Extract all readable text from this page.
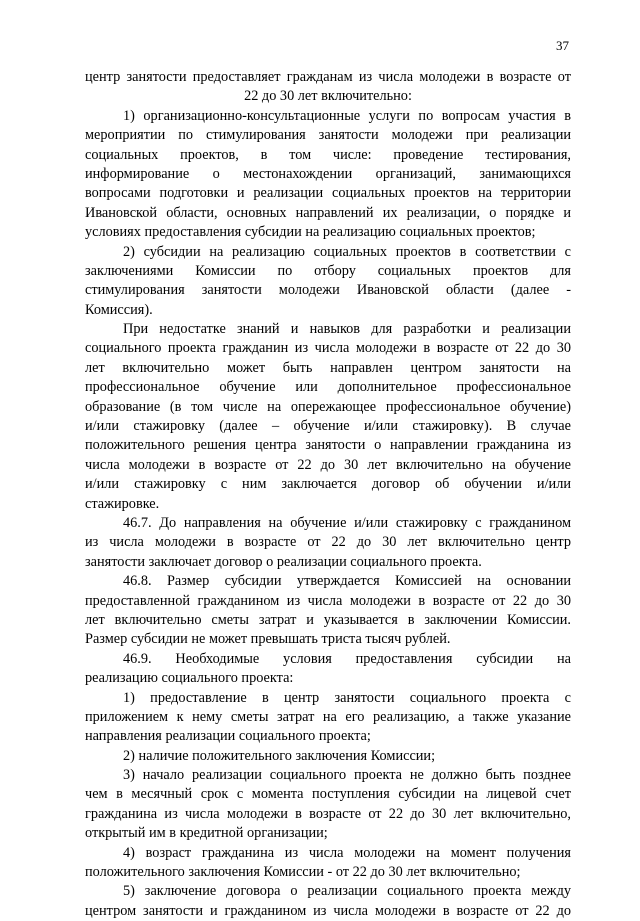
37
центр занятости предоставляет гражданам из числа молодежи в возрасте от
22 до 30 лет включительно:
1) организационно-консультационные услуги по вопросам участия в
мероприятии по стимулирования занятости молодежи при реализации
социальных проектов, в том числе: проведение тестирования,
информирование о местонахождении организаций, занимающихся
вопросами подготовки и реализации социальных проектов на территории
Ивановской области, основных направлений их реализации, о порядке и
условиях предоставления субсидии на реализацию социальных проектов;
2) субсидии на реализацию социальных проектов в соответствии с
заключениями Комиссии по отбору социальных проектов для
стимулирования занятости молодежи Ивановской области (далее -
Комиссия).
При недостатке знаний и навыков для разработки и реализации
социального проекта гражданин из числа молодежи в возрасте от 22 до 30
лет включительно может быть направлен центром занятости на
профессиональное обучение или дополнительное профессиональное
образование (в том числе на опережающее профессиональное обучение)
и/или стажировку (далее – обучение и/или стажировку). В случае
положительного решения центра занятости о направлении гражданина из
числа молодежи в возрасте от 22 до 30 лет включительно на обучение
и/или стажировку с ним заключается договор об обучении и/или
стажировке.
46.7. До направления на обучение и/или стажировку с гражданином
из числа молодежи в возрасте от 22 до 30 лет включительно центр
занятости заключает договор о реализации социального проекта.
46.8. Размер субсидии утверждается Комиссией на основании
предоставленной гражданином из числа молодежи в возрасте от 22 до 30
лет включительно сметы затрат и указывается в заключении Комиссии.
Размер субсидии не может превышать триста тысяч рублей.
46.9. Необходимые условия предоставления субсидии на
реализацию социального проекта:
1) предоставление в центр занятости социального проекта с
приложением к нему сметы затрат на его реализацию, а также указание
направления реализации социального проекта;
2) наличие положительного заключения Комиссии;
3) начало реализации социального проекта не должно быть позднее
чем в месячный срок с момента поступления субсидии на лицевой счет
гражданина из числа молодежи в возрасте от 22 до 30 лет включительно,
открытый им в кредитной организации;
4) возраст гражданина из числа молодежи на момент получения
положительного заключения Комиссии - от 22 до 30 лет включительно;
5) заключение договора о реализации социального проекта между
центром занятости и гражданином из числа молодежи в возрасте от 22 до
